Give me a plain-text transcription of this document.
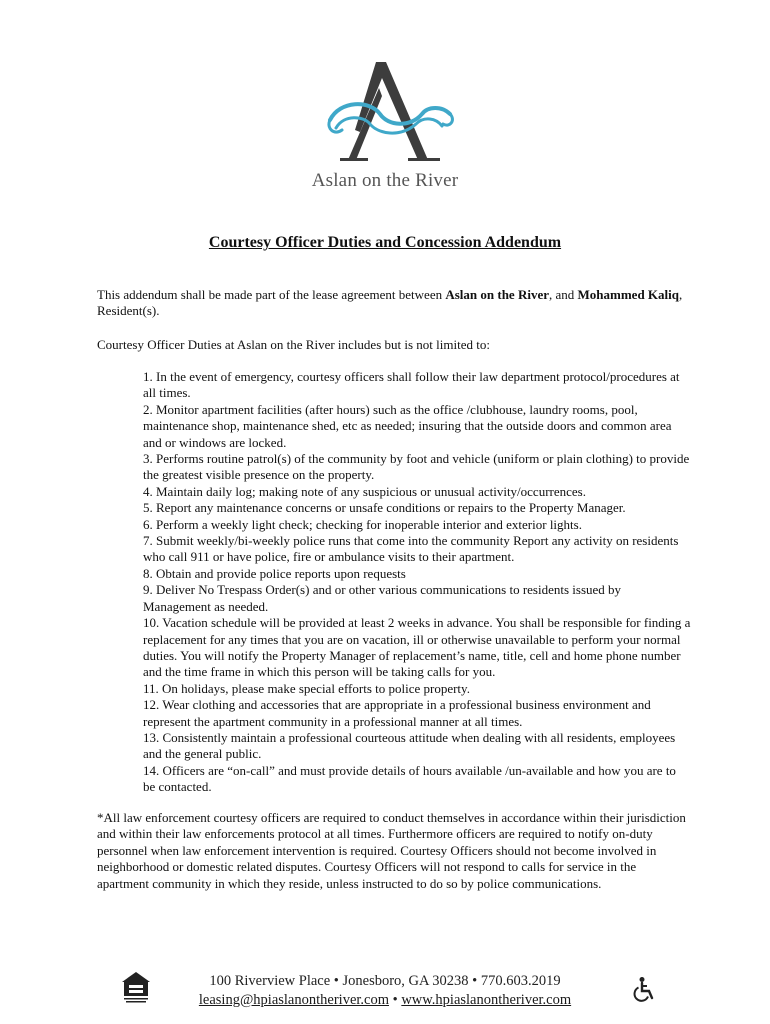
Aslan on the River
Courtesy Officer Duties and Concession Addendum

This addendum shall be made part of the lease agreement between Aslan on the River, and Mohammed Kaliq, Resident(s).

Courtesy Officer Duties at Aslan on the River includes but is not limited to:

1. In the event of emergency, courtesy officers shall follow their law department protocol/procedures at all times.
2. Monitor apartment facilities (after hours) such as the office /clubhouse, laundry rooms, pool, maintenance shop, maintenance shed, etc as needed; insuring that the outside doors and common area and or windows are locked.
3. Performs routine patrol(s) of the community by foot and vehicle (uniform or plain clothing) to provide the greatest visible presence on the property.
4. Maintain daily log; making note of any suspicious or unusual activity/occurrences.
5. Report any maintenance concerns or unsafe conditions or repairs to the Property Manager.
6. Perform a weekly light check; checking for inoperable interior and exterior lights.
7. Submit weekly/bi-weekly police runs that come into the community Report any activity on residents who call 911 or have police, fire or ambulance visits to their apartment.
8. Obtain and provide police reports upon requests
9. Deliver No Trespass Order(s) and or other various communications to residents issued by Management as needed.
10. Vacation schedule will be provided at least 2 weeks in advance. You shall be responsible for finding a replacement for any times that you are on vacation, ill or otherwise unavailable to perform your normal duties. You will notify the Property Manager of replacement’s name, title, cell and home phone number and the time frame in which this person will be taking calls for you.
11. On holidays, please make special efforts to police property.
12. Wear clothing and accessories that are appropriate in a professional business environment and represent the apartment community in a professional manner at all times.
13. Consistently maintain a professional courteous attitude when dealing with all residents, employees and the general public.
14. Officers are “on-call” and must provide details of hours available /un-available and how you are to be contacted.

*All law enforcement courtesy officers are required to conduct themselves in accordance within their jurisdiction and within their law enforcements protocol at all times. Furthermore officers are required to notify on-duty personnel when law enforcement intervention is required. Courtesy Officers should not become involved in neighborhood or domestic related disputes. Courtesy Officers will not respond to calls for service in the apartment community in which they reside, unless instructed to do so by police communications.

100 Riverview Place • Jonesboro, GA 30238 • 770.603.2019
leasing@hpiaslanontheriver.com • www.hpiaslanontheriver.com
